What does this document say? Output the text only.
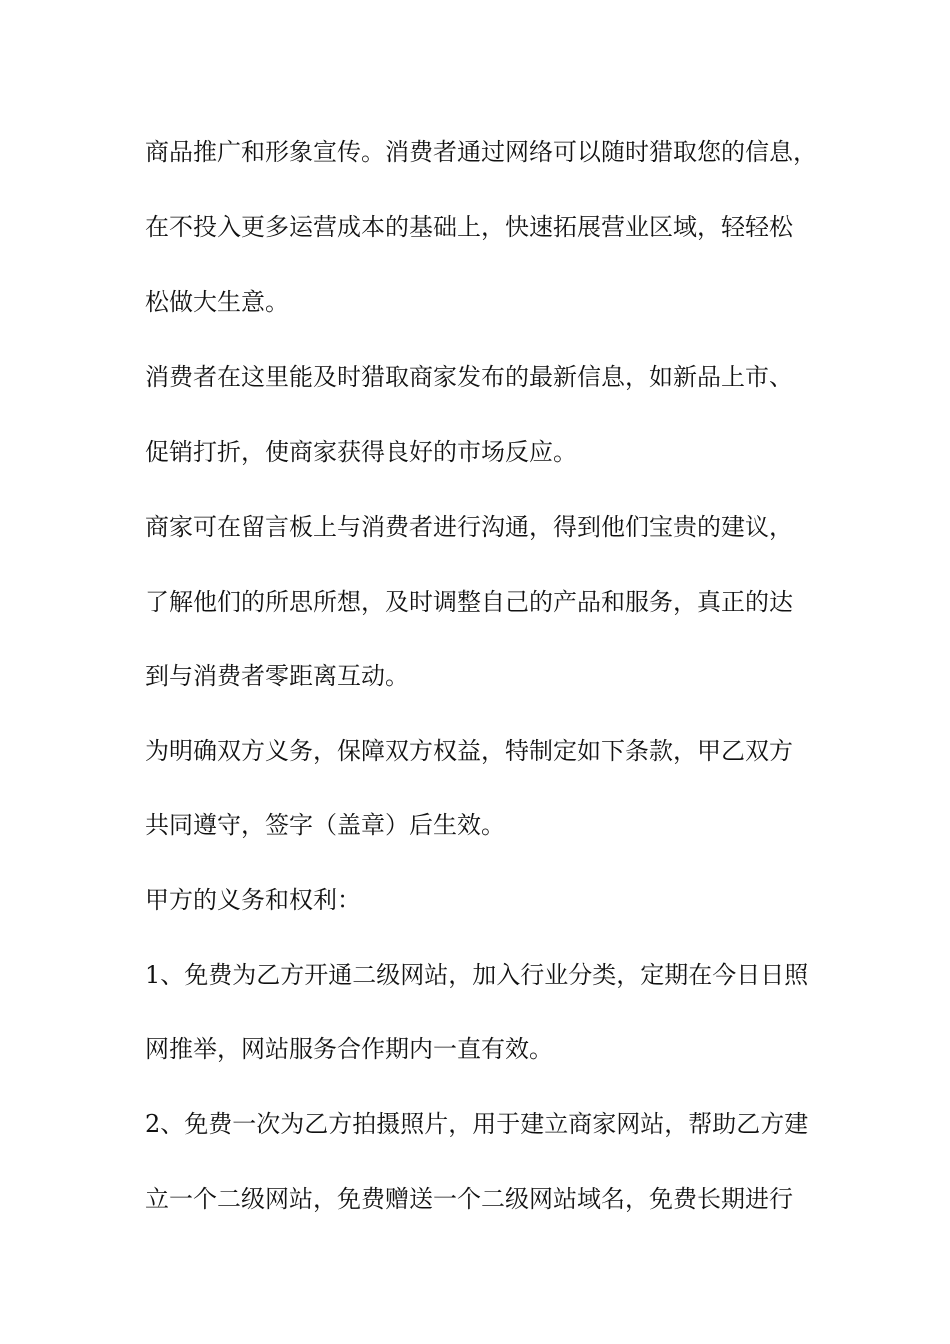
商品推广和形象宣传。消费者通过网络可以随时猎取您的信息，
在不投入更多运营成本的基础上，快速拓展营业区域，轻轻松
松做大生意。
消费者在这里能及时猎取商家发布的最新信息，如新品上市、
促销打折，使商家获得良好的市场反应。
商家可在留言板上与消费者进行沟通，得到他们宝贵的建议，
了解他们的所思所想，及时调整自己的产品和服务，真正的达
到与消费者零距离互动。
为明确双方义务，保障双方权益，特制定如下条款，甲乙双方
共同遵守，签字（盖章）后生效。
甲方的义务和权利：
1、免费为乙方开通二级网站，加入行业分类，定期在今日日照
网推举，网站服务合作期内一直有效。
2、免费一次为乙方拍摄照片，用于建立商家网站，帮助乙方建
立一个二级网站，免费赠送一个二级网站域名，免费长期进行
